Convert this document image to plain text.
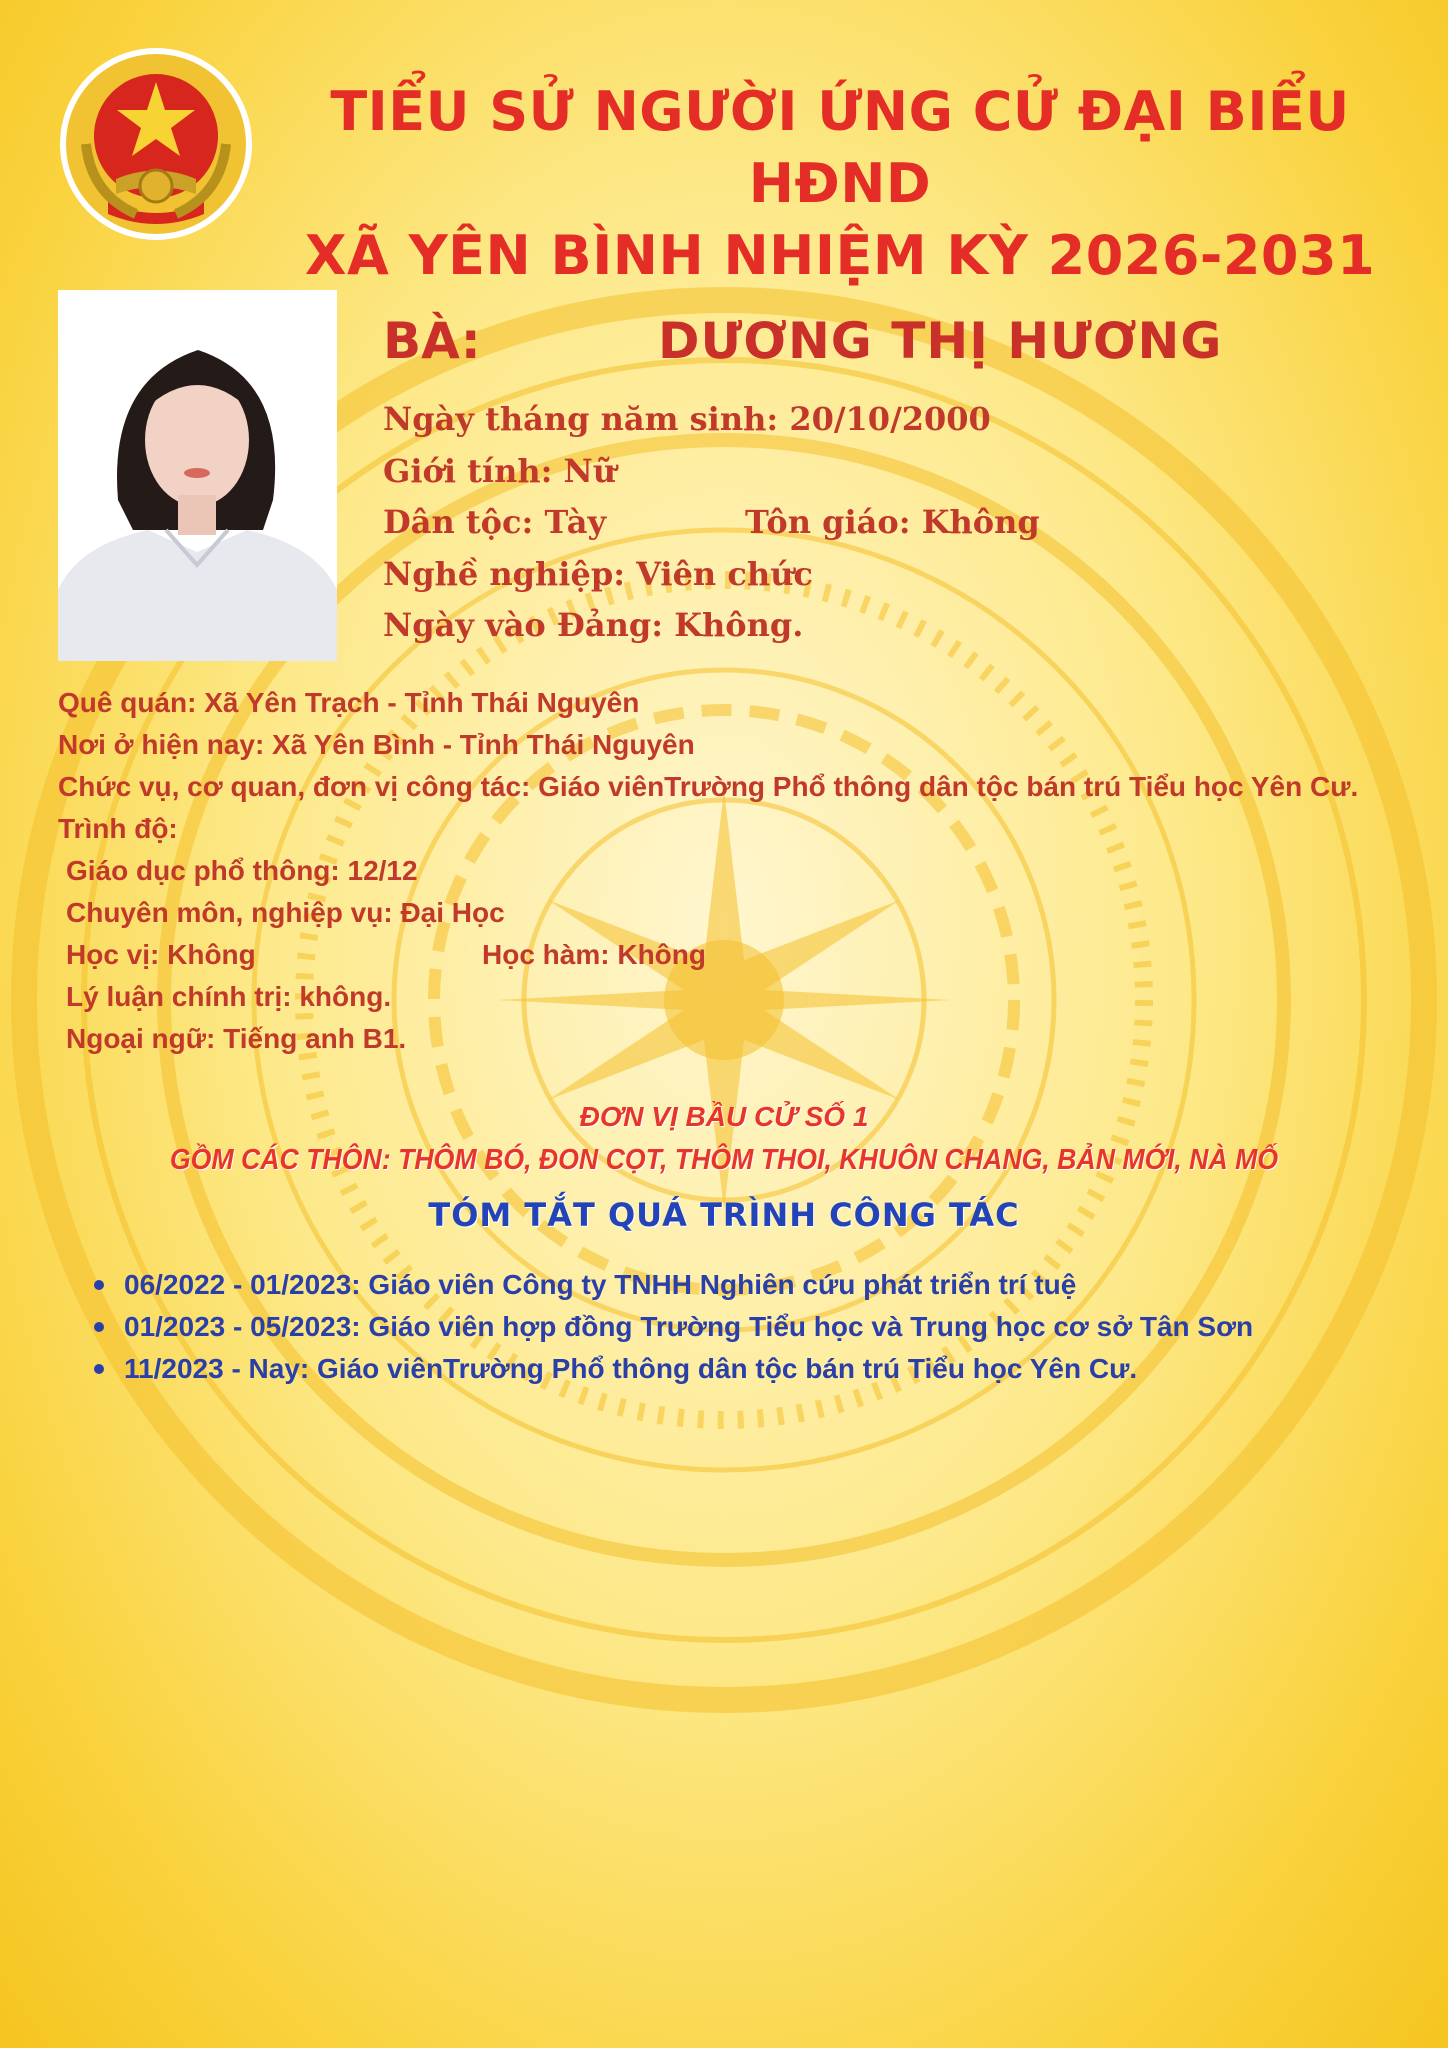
TIỂU SỬ NGƯỜI ỨNG CỬ ĐẠI BIỂU HĐND
XÃ YÊN BÌNH NHIỆM KỲ 2026-2031
BÀ:	DƯƠNG THỊ HƯƠNG
Ngày tháng năm sinh: 20/10/2000
Giới tính: Nữ
Dân tộc: Tày	Tôn giáo: Không
Nghề nghiệp: Viên chức
Ngày vào Đảng: Không.
Quê quán: Xã Yên Trạch - Tỉnh Thái Nguyên
Nơi ở hiện nay: Xã Yên Bình - Tỉnh Thái Nguyên
Chức vụ, cơ quan, đơn vị công tác: Giáo viênTrường Phổ thông dân tộc bán trú Tiểu học Yên Cư.
Trình độ:
Giáo dục phổ thông: 12/12
Chuyên môn, nghiệp vụ: Đại Học
Học vị: Không	Học hàm: Không
Lý luận chính trị: không.
Ngoại ngữ: Tiếng anh B1.
ĐƠN VỊ BẦU CỬ SỐ 1
GỒM CÁC THÔN: THÔM BÓ, ĐON CỌT, THÔM THOI, KHUÔN CHANG, BẢN MỚI, NÀ MỐ
TÓM TẮT QUÁ TRÌNH CÔNG TÁC
06/2022 - 01/2023: Giáo viên Công ty TNHH Nghiên cứu phát triển trí tuệ
01/2023 - 05/2023: Giáo viên hợp đồng Trường Tiểu học và Trung học cơ sở Tân Sơn
11/2023 - Nay: Giáo viênTrường Phổ thông dân tộc bán trú Tiểu học Yên Cư.
